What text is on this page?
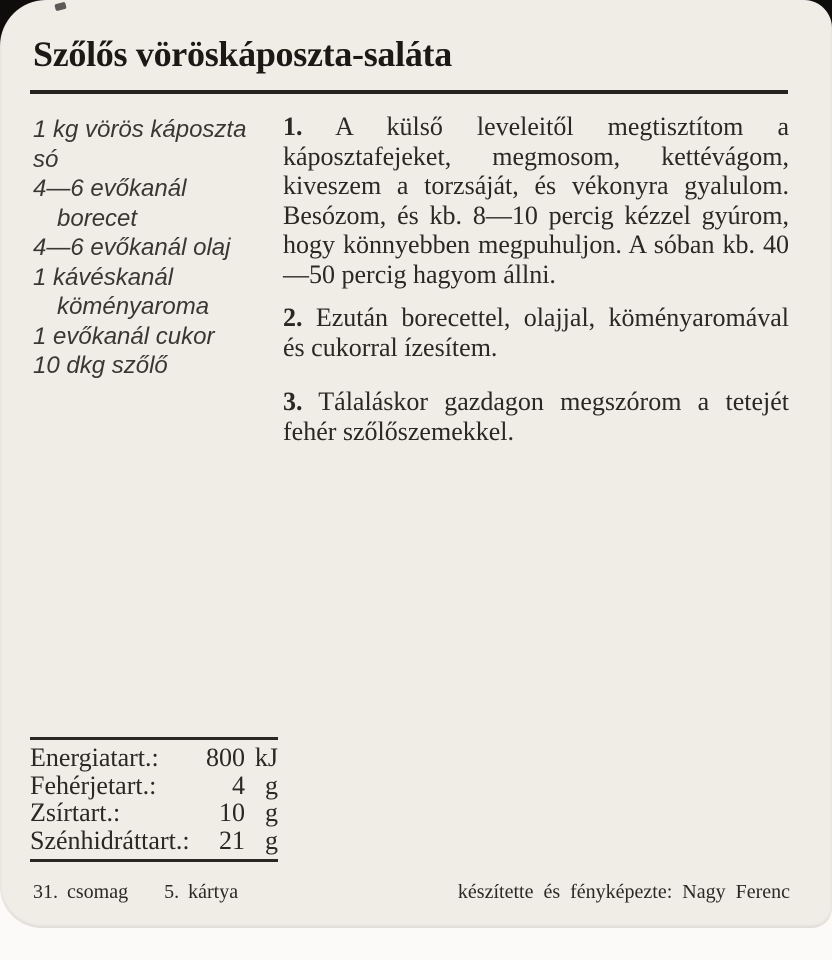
Szőlős vöröskáposzta-saláta
1 kg vörös káposzta
só
4—6 evőkanál
borecet
4—6 evőkanál olaj
1 kávéskanál
köményaroma
1 evőkanál cukor
10 dkg szőlő

1. A külső leveleitől megtisztítom a káposztafejeket, megmosom, kettévágom, kiveszem a torzsáját, és vékonyra gyalulom. Besózom, és kb. 8—10 percig kézzel gyúrom, hogy könnyebben megpuhuljon. A sóban kb. 40—50 percig hagyom állni.

2. Ezután borecettel, olajjal, köményaromával és cukorral ízesítem.

3. Tálaláskor gazdagon megszórom a tetejét fehér szőlőszemekkel.

Energiatart.:	800 kJ
Fehérjetart.:	4 g
Zsírtart.:	10 g
Szénhidráttart.:	21 g
31. csomag 5. kártya	készítette és fényképezte: Nagy Ferenc
